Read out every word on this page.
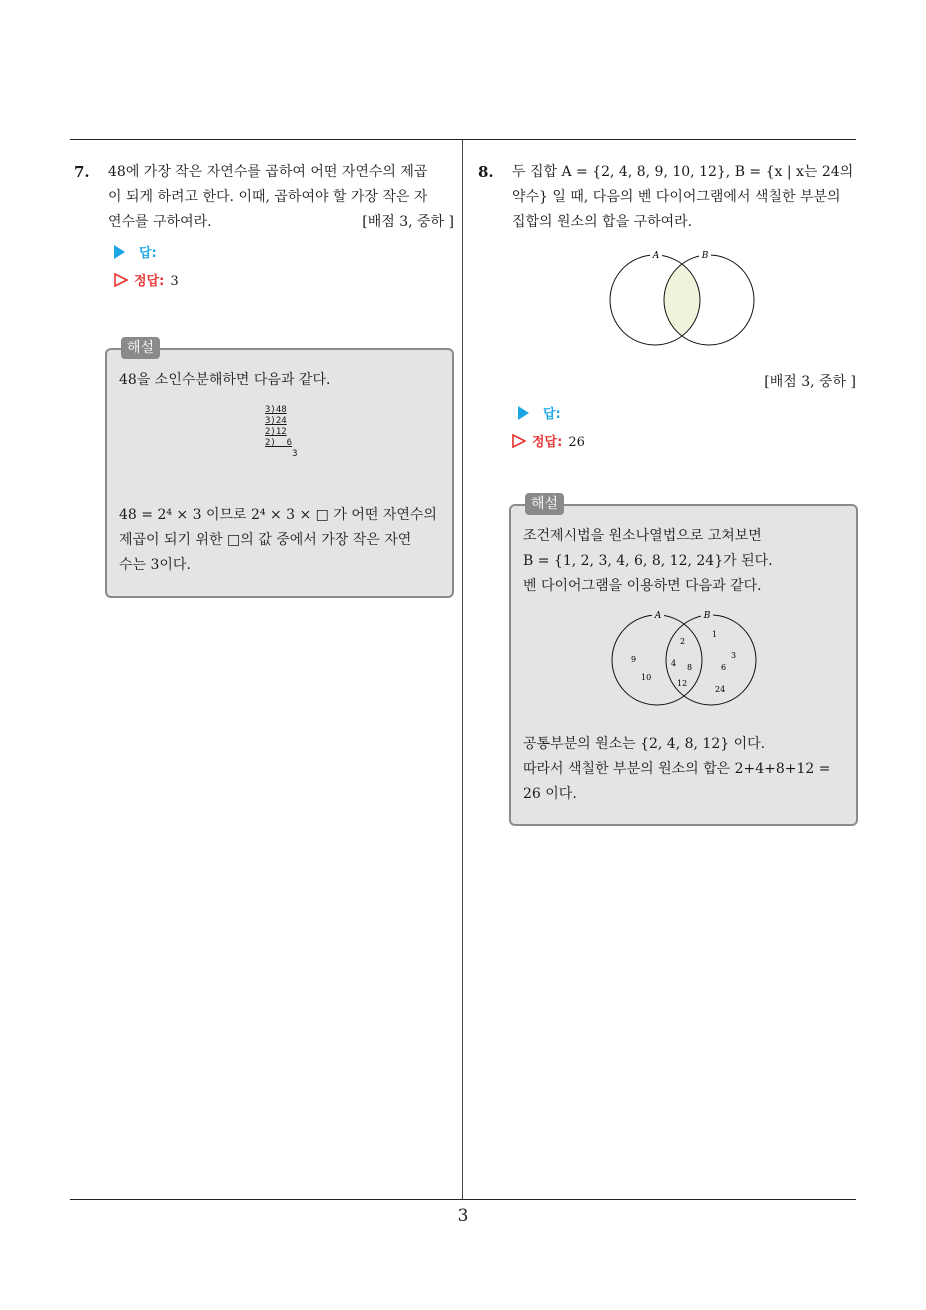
7. 48에 가장 작은 자연수를 곱하여 어떤 자연수의 제곱
이 되게 하려고 한다. 이때, 곱하여야 할 가장 작은 자
연수를 구하여라.	[배점 3, 중하 ]
답:
정답: 3
해설

48을 소인수분해하면 다음과 같다.

3)48
3)24
2)12
2)  6
3

48 = 2⁴ × 3 이므로 2⁴ × 3 × □ 가 어떤 자연수의

제곱이 되기 위한 □의 값 중에서 가장 작은 자연

수는 3이다.

8. 두 집합 A = {2, 4, 8, 9, 10, 12}, B = {x | x는 24의
약수} 일 때, 다음의 벤 다이어그램에서 색칠한 부분의
집합의 원소의 합을 구하여라.
A	B
[배점 3, 중하 ]
답:
정답: 26
해설

조건제시법을 원소나열법으로 고쳐보면

B = {1, 2, 3, 4, 6, 8, 12, 24}가 된다.

벤 다이어그램을 이용하면 다음과 같다.

A	B
9
10
2
4 8
12
1
3
6
24

공통부분의 원소는 {2, 4, 8, 12} 이다.

따라서 색칠한 부분의 원소의 합은 2+4+8+12 =

26 이다.

3
